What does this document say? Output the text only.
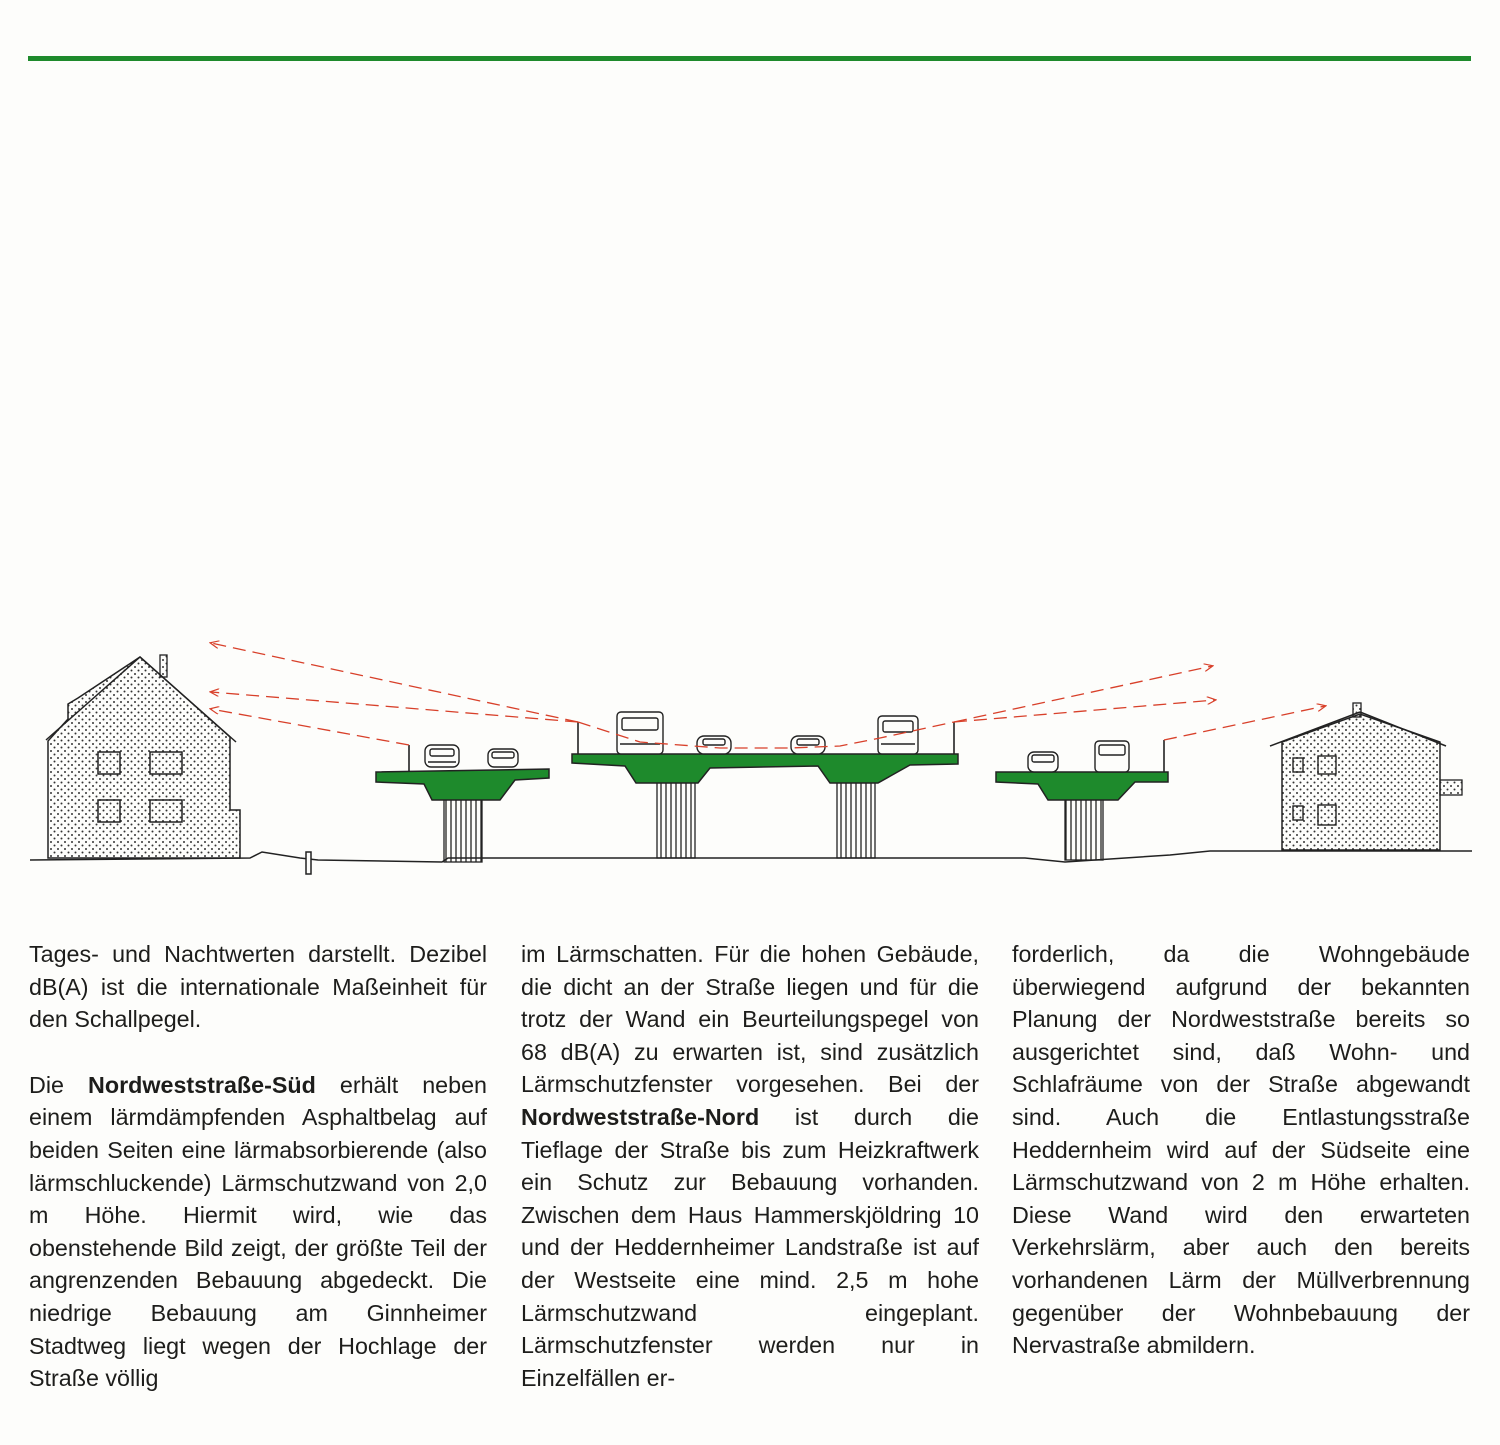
Tages- und Nachtwerten darstellt. Dezibel dB(A) ist die internationale Maßeinheit für den Schallpegel.

Die Nordweststraße-Süd erhält neben einem lärmdämpfenden Asphaltbelag auf beiden Seiten eine lärmabsorbierende (also lärmschluckende) Lärmschutzwand von 2,0 m Höhe. Hiermit wird, wie das obenstehende Bild zeigt, der größte Teil der angrenzenden Bebauung abgedeckt. Die niedrige Bebauung am Ginnheimer Stadtweg liegt wegen der Hochlage der Straße völlig

im Lärmschatten. Für die hohen Gebäude, die dicht an der Straße liegen und für die trotz der Wand ein Beurteilungspegel von 68 dB(A) zu erwarten ist, sind zusätzlich Lärmschutzfenster vorgesehen. Bei der Nordweststraße-Nord ist durch die Tieflage der Straße bis zum Heizkraftwerk ein Schutz zur Bebauung vorhanden. Zwischen dem Haus Hammerskjöldring 10 und der Heddernheimer Landstraße ist auf der Westseite eine mind. 2,5 m hohe Lärmschutzwand eingeplant. Lärmschutzfenster werden nur in Einzelfällen er-

forderlich, da die Wohngebäude überwiegend aufgrund der bekannten Planung der Nordweststraße bereits so ausgerichtet sind, daß Wohn- und Schlafräume von der Straße abgewandt sind. Auch die Entlastungsstraße Heddernheim wird auf der Südseite eine Lärmschutzwand von 2 m Höhe erhalten. Diese Wand wird den erwarteten Verkehrslärm, aber auch den bereits vorhandenen Lärm der Müllverbrennung gegenüber der Wohnbebauung der Nervastraße abmildern.
